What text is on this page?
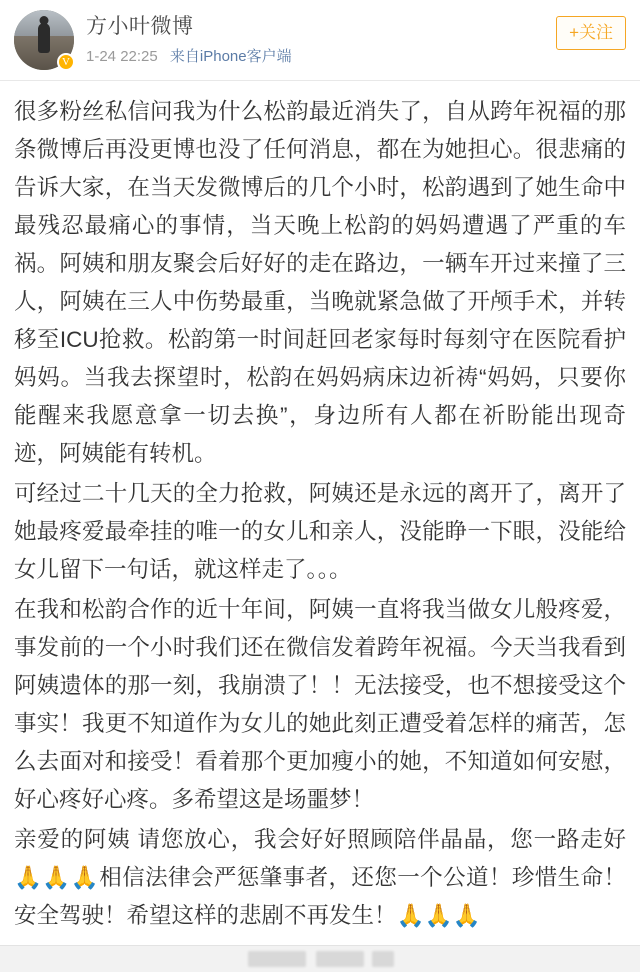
V
方小叶微博
1-24 22:25 来自iPhone客户端
+关注

很多粉丝私信问我为什么松韵最近消失了，自从跨年祝福的那条微博后再没更博也没了任何消息，都在为她担心。很悲痛的告诉大家，在当天发微博后的几个小时，松韵遇到了她生命中最残忍最痛心的事情，当天晚上松韵的妈妈遭遇了严重的车祸。阿姨和朋友聚会后好好的走在路边，一辆车开过来撞了三人，阿姨在三人中伤势最重，当晚就紧急做了开颅手术，并转移至ICU抢救。松韵第一时间赶回老家每时每刻守在医院看护妈妈。当我去探望时，松韵在妈妈病床边祈祷“妈妈，只要你能醒来我愿意拿一切去换”，身边所有人都在祈盼能出现奇迹，阿姨能有转机。

可经过二十几天的全力抢救，阿姨还是永远的离开了，离开了她最疼爱最牵挂的唯一的女儿和亲人，没能睁一下眼，没能给女儿留下一句话，就这样走了。。。

在我和松韵合作的近十年间，阿姨一直将我当做女儿般疼爱，事发前的一个小时我们还在微信发着跨年祝福。今天当我看到阿姨遗体的那一刻，我崩溃了！！无法接受，也不想接受这个事实！我更不知道作为女儿的她此刻正遭受着怎样的痛苦，怎么去面对和接受！看着那个更加瘦小的她，不知道如何安慰，好心疼好心疼。多希望这是场噩梦！

亲爱的阿姨 请您放心，我会好好照顾陪伴晶晶，您一路走好🙏🙏🙏相信法律会严惩肇事者，还您一个公道！珍惜生命！安全驾驶！希望这样的悲剧不再发生！🙏🙏🙏
